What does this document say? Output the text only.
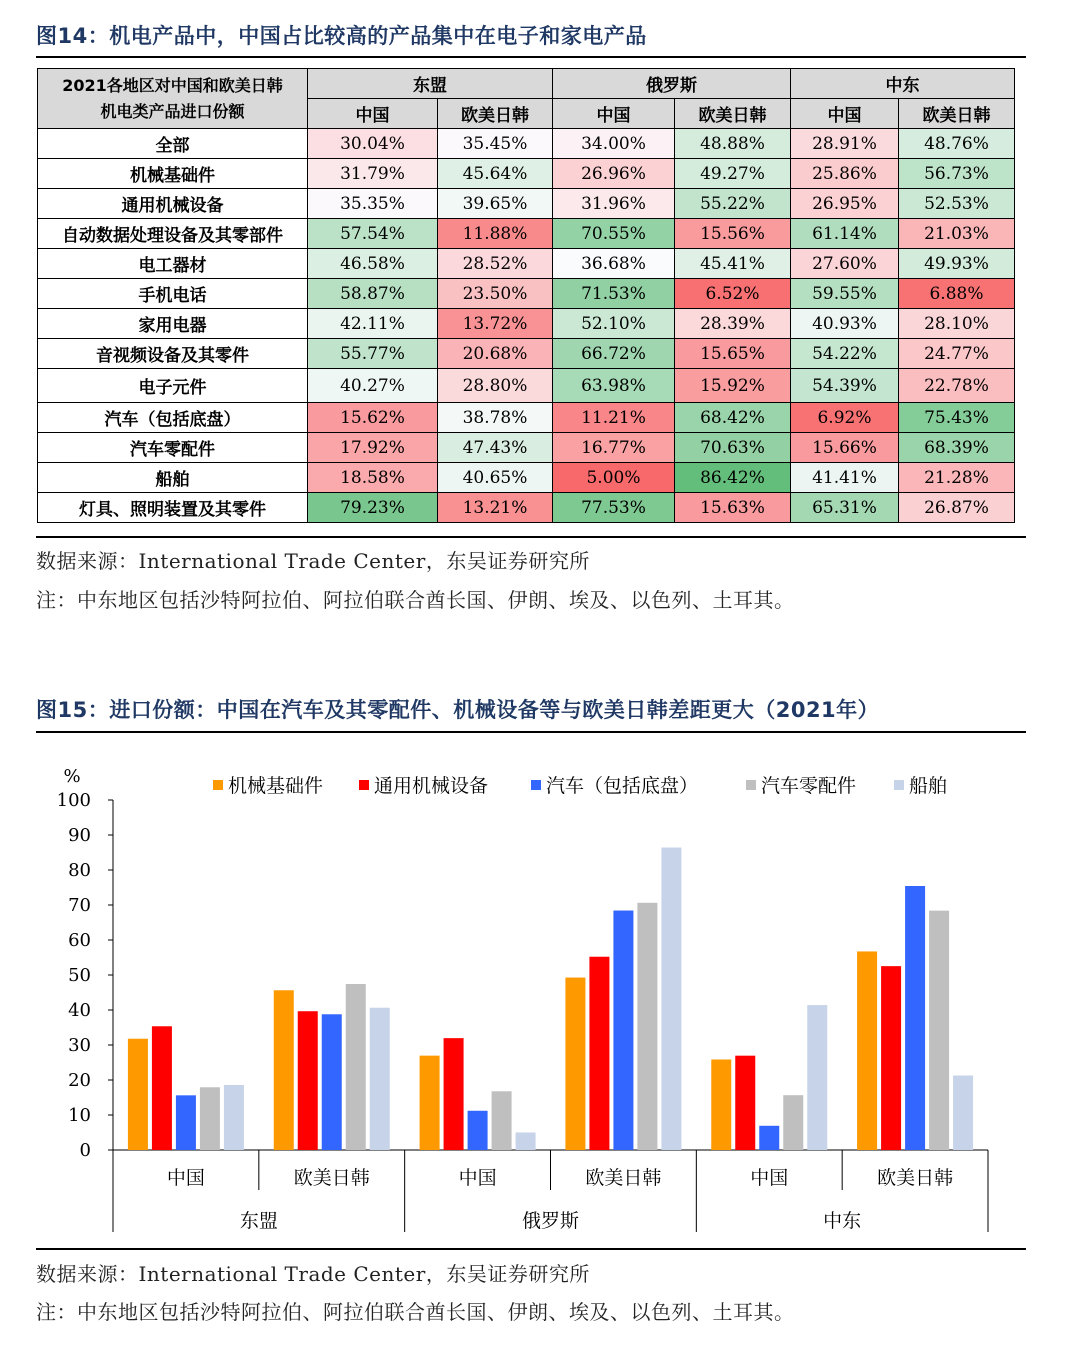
图14：机电产品中，中国占比较高的产品集中在电子和家电产品
2021各地区对中国和欧美日韩
机电类产品进口份额	东盟		俄罗斯		中东	
	中国	欧美日韩	中国	欧美日韩	中国	欧美日韩
全部	30.04%	35.45%	34.00%	48.88%	28.91%	48.76%
机械基础件	31.79%	45.64%	26.96%	49.27%	25.86%	56.73%
通用机械设备	35.35%	39.65%	31.96%	55.22%	26.95%	52.53%
自动数据处理设备及其零部件	57.54%	11.88%	70.55%	15.56%	61.14%	21.03%
电工器材	46.58%	28.52%	36.68%	45.41%	27.60%	49.93%
手机电话	58.87%	23.50%	71.53%	6.52%	59.55%	6.88%
家用电器	42.11%	13.72%	52.10%	28.39%	40.93%	28.10%
音视频设备及其零件	55.77%	20.68%	66.72%	15.65%	54.22%	24.77%
电子元件	40.27%	28.80%	63.98%	15.92%	54.39%	22.78%
汽车（包括底盘）	15.62%	38.78%	11.21%	68.42%	6.92%	75.43%
汽车零配件	17.92%	47.43%	16.77%	70.63%	15.66%	68.39%
船舶	18.58%	40.65%	5.00%	86.42%	41.41%	21.28%
灯具、照明装置及其零件	79.23%	13.21%	77.53%	15.63%	65.31%	26.87%
数据来源：International Trade Center，东吴证券研究所
注：中东地区包括沙特阿拉伯、阿拉伯联合酋长国、伊朗、埃及、以色列、土耳其。
图15：进口份额：中国在汽车及其零配件、机械设备等与欧美日韩差距更大（2021年）
0
10
20
30
40
50
60
70
80
90
100
%
中国	欧美日韩	中国	欧美日韩	中国	欧美日韩
东盟	俄罗斯	中东
机械基础件	通用机械设备	汽车（包括底盘）	汽车零配件	船舶
数据来源：International Trade Center，东吴证券研究所
注：中东地区包括沙特阿拉伯、阿拉伯联合酋长国、伊朗、埃及、以色列、土耳其。
